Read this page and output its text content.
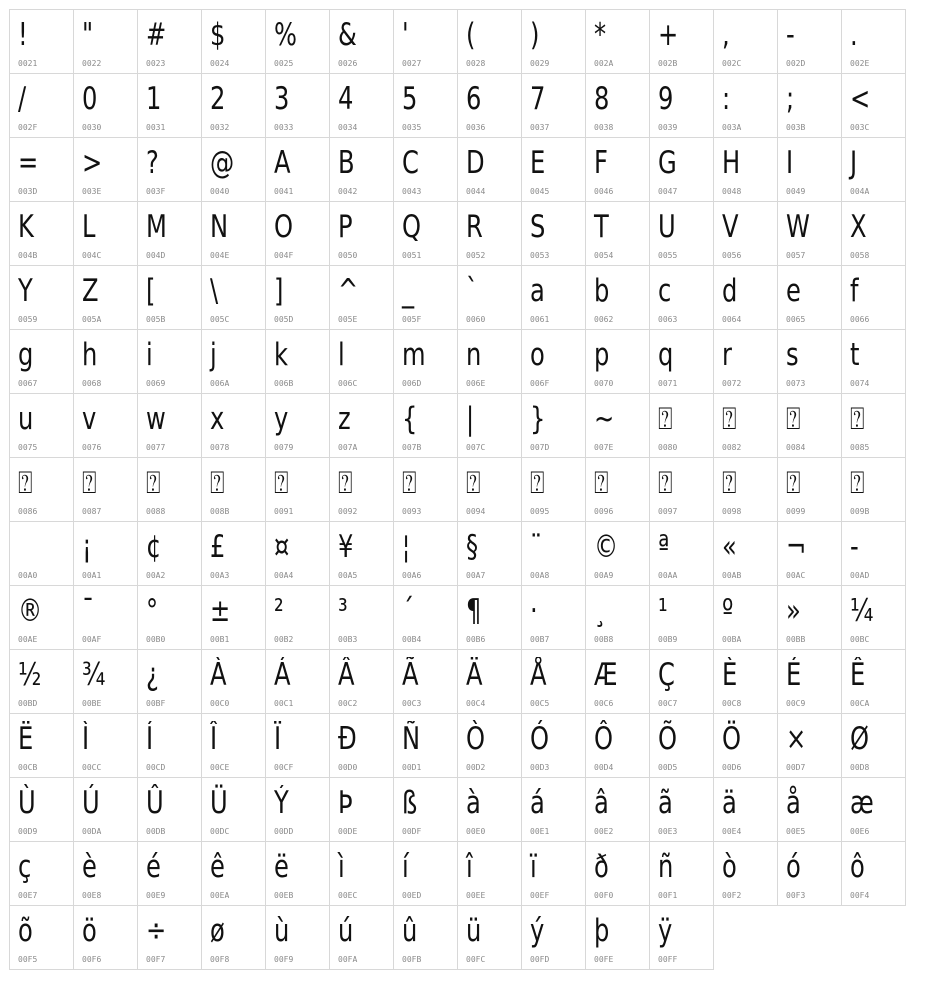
!
0021
"
0022
#
0023
$
0024
%
0025
&
0026
'
0027
(
0028
)
0029
*
002A
+
002B
,
002C
-
002D
.
002E
/
002F
0
0030
1
0031
2
0032
3
0033
4
0034
5
0035
6
0036
7
0037
8
0038
9
0039
:
003A
;
003B
<
003C
=
003D
>
003E
?
003F
@
0040
A
0041
B
0042
C
0043
D
0044
E
0045
F
0046
G
0047
H
0048
I
0049
J
004A
K
004B
L
004C
M
004D
N
004E
O
004F
P
0050
Q
0051
R
0052
S
0053
T
0054
U
0055
V
0056
W
0057
X
0058
Y
0059
Z
005A
[
005B
\
005C
]
005D
^
005E
_
005F
`
0060
a
0061
b
0062
c
0063
d
0064
e
0065
f
0066
g
0067
h
0068
i
0069
j
006A
k
006B
l
006C
m
006D
n
006E
o
006F
p
0070
q
0071
r
0072
s
0073
t
0074
u
0075
v
0076
w
0077
x
0078
y
0079
z
007A
{
007B
|
007C
}
007D
~
007E
⍰
0080
⍰
0082
⍰
0084
⍰
0085
⍰
0086
⍰
0087
⍰
0088
⍰
008B
⍰
0091
⍰
0092
⍰
0093
⍰
0094
⍰
0095
⍰
0096
⍰
0097
⍰
0098
⍰
0099
⍰
009B
00A0
¡
00A1
¢
00A2
£
00A3
¤
00A4
¥
00A5
¦
00A6
§
00A7
¨
00A8
©
00A9
ª
00AA
«
00AB
¬
00AC
-
00AD
®
00AE
¯
00AF
°
00B0
±
00B1
²
00B2
³
00B3
´
00B4
¶
00B6
·
00B7
¸
00B8
¹
00B9
º
00BA
»
00BB
¼
00BC
½
00BD
¾
00BE
¿
00BF
À
00C0
Á
00C1
Â
00C2
Ã
00C3
Ä
00C4
Å
00C5
Æ
00C6
Ç
00C7
È
00C8
É
00C9
Ê
00CA
Ë
00CB
Ì
00CC
Í
00CD
Î
00CE
Ï
00CF
Ð
00D0
Ñ
00D1
Ò
00D2
Ó
00D3
Ô
00D4
Õ
00D5
Ö
00D6
×
00D7
Ø
00D8
Ù
00D9
Ú
00DA
Û
00DB
Ü
00DC
Ý
00DD
Þ
00DE
ß
00DF
à
00E0
á
00E1
â
00E2
ã
00E3
ä
00E4
å
00E5
æ
00E6
ç
00E7
è
00E8
é
00E9
ê
00EA
ë
00EB
ì
00EC
í
00ED
î
00EE
ï
00EF
ð
00F0
ñ
00F1
ò
00F2
ó
00F3
ô
00F4
õ
00F5
ö
00F6
÷
00F7
ø
00F8
ù
00F9
ú
00FA
û
00FB
ü
00FC
ý
00FD
þ
00FE
ÿ
00FF
